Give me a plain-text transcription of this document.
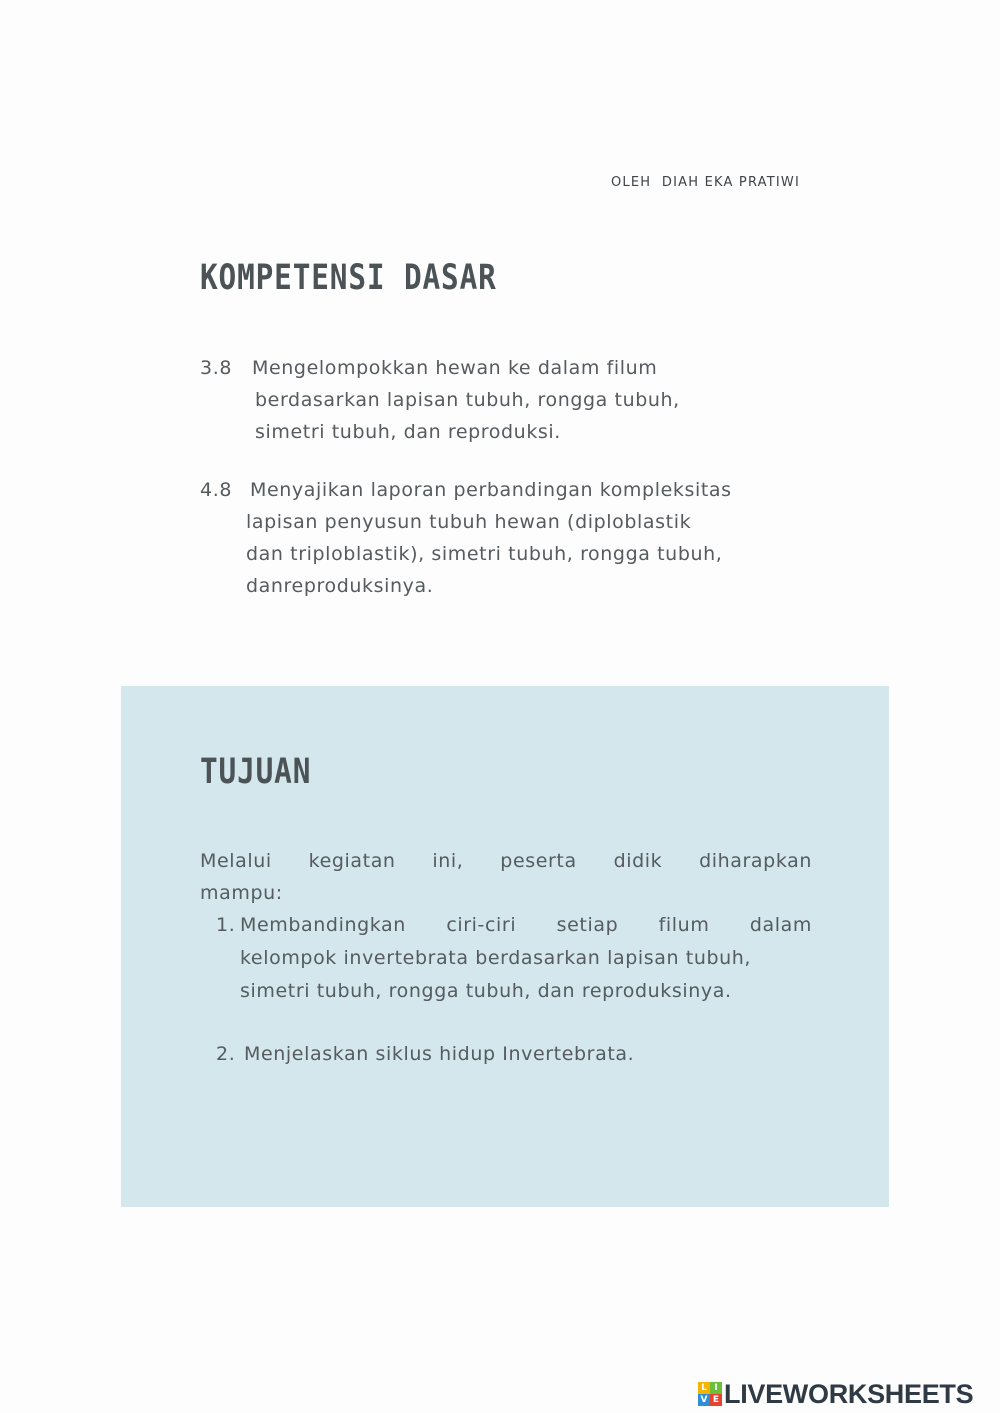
OLEH  DIAH EKA PRATIWI
KOMPETENSI DASAR
3.8	Mengelompokkan hewan ke dalam filum
berdasarkan lapisan tubuh, rongga tubuh,
simetri tubuh, dan reproduksi.
4.8 Menyajikan laporan perbandingan kompleksitas
lapisan penyusun tubuh hewan (diploblastik
dan triploblastik), simetri tubuh, rongga tubuh,
danreproduksinya.
TUJUAN
Melalui kegiatan ini, peserta didik diharapkan
mampu:
1. Membandingkan ciri-ciri setiap filum dalam
kelompok invertebrata berdasarkan lapisan tubuh,
simetri tubuh, rongga tubuh, dan reproduksinya.
2. Menjelaskan siklus hidup Invertebrata.
L I
V E LIVEWORKSHEETS
